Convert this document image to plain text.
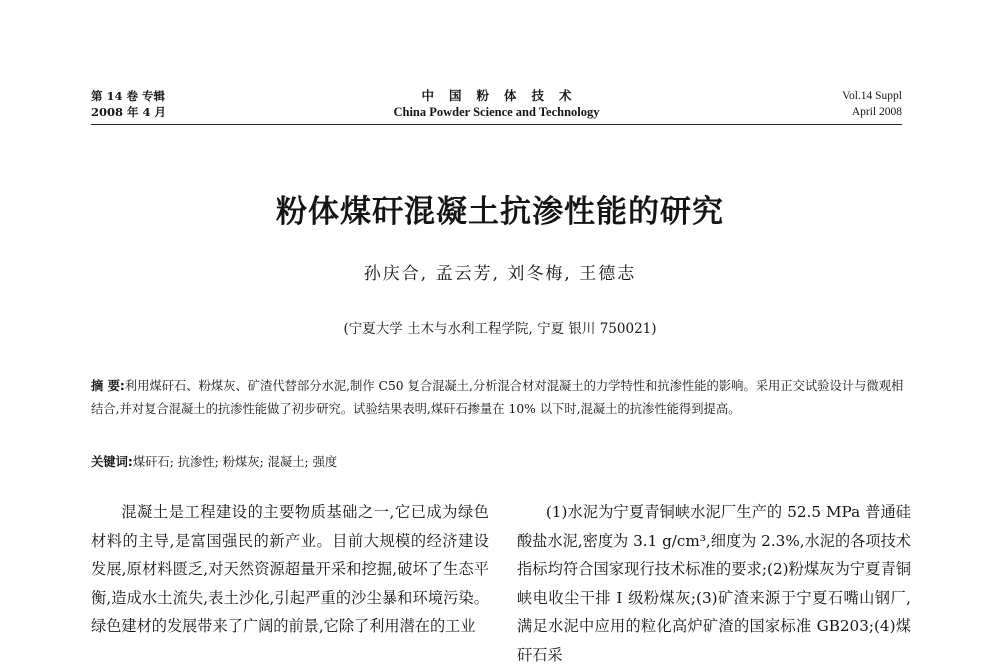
第 14 卷 专辑
2008 年 4 月
中国粉体技术
China Powder Science and Technology
Vol.14 Suppl
April 2008
粉体煤矸混凝土抗渗性能的研究
孙庆合, 孟云芳, 刘冬梅, 王德志
(宁夏大学 土木与水利工程学院, 宁夏 银川 750021)
摘 要:利用煤矸石、粉煤灰、矿渣代替部分水泥,制作 C50 复合混凝土,分析混合材对混凝土的力学特性和抗渗性能的影响。采用正交试验设计与微观相结合,并对复合混凝土的抗渗性能做了初步研究。试验结果表明,煤矸石掺量在 10% 以下时,混凝土的抗渗性能得到提高。
关键词:煤矸石; 抗渗性; 粉煤灰; 混凝土; 强度
混凝土是工程建设的主要物质基础之一,它已成为绿色材料的主导,是富国强民的新产业。目前大规模的经济建设发展,原材料匮乏,对天然资源超量开采和挖掘,破坏了生态平衡,造成水土流失,表土沙化,引起严重的沙尘暴和环境污染。绿色建材的发展带来了广阔的前景,它除了利用潜在的工业
(1)水泥为宁夏青铜峡水泥厂生产的 52.5 MPa 普通硅酸盐水泥,密度为 3.1 g/cm³,细度为 2.3%,水泥的各项技术指标均符合国家现行技术标准的要求;(2)粉煤灰为宁夏青铜峡电收尘干排 Ⅰ 级粉煤灰;(3)矿渣来源于宁夏石嘴山钢厂,满足水泥中应用的粒化高炉矿渣的国家标准 GB203;(4)煤矸石采
